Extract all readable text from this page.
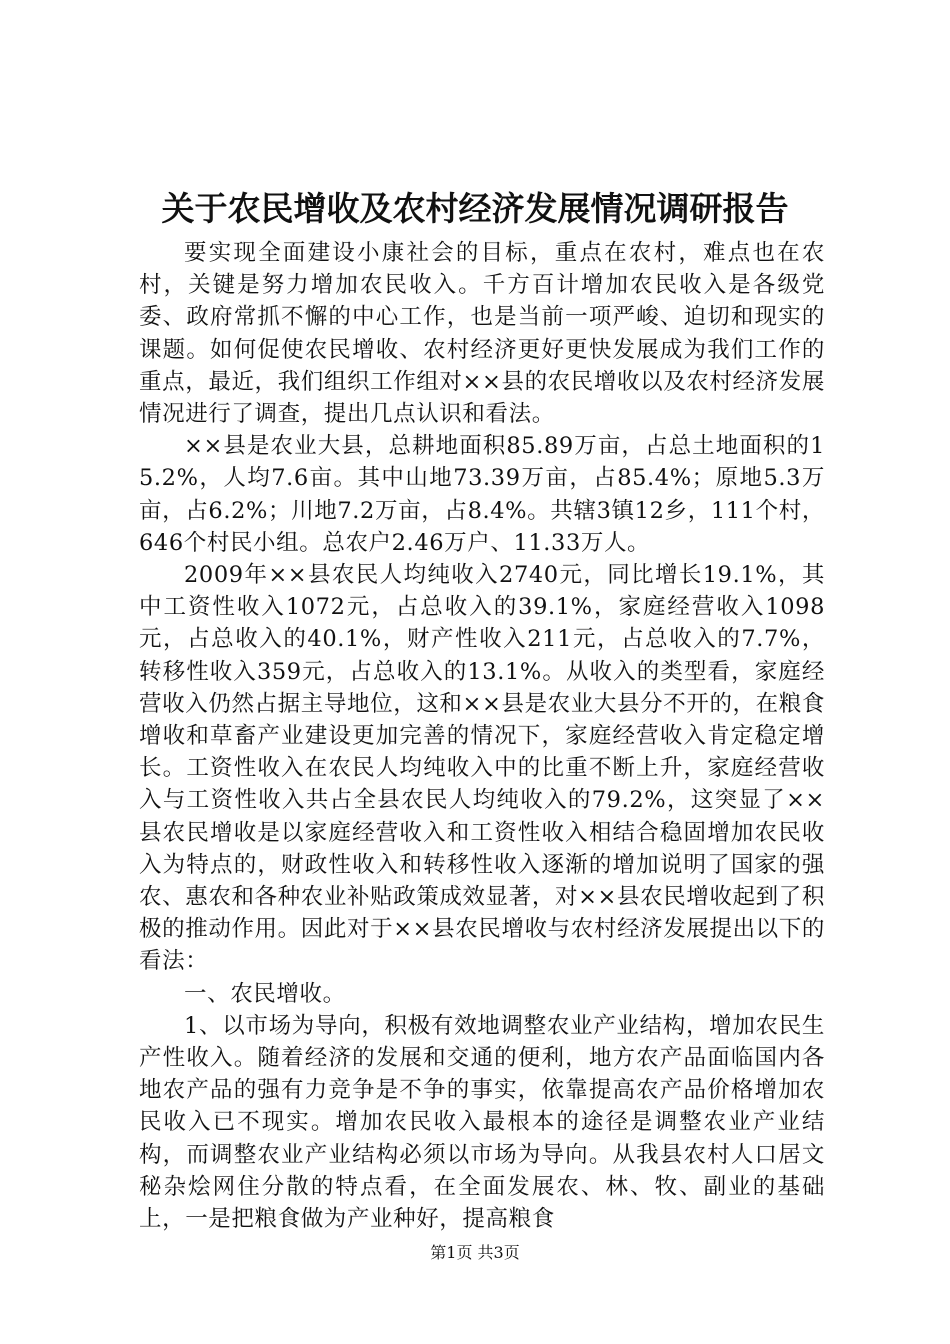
关于农民增收及农村经济发展情况调研报告

要实现全面建设小康社会的目标，重点在农村，难点也在农村，关键是努力增加农民收入。千方百计增加农民收入是各级党委、政府常抓不懈的中心工作，也是当前一项严峻、迫切和现实的课题。如何促使农民增收、农村经济更好更快发展成为我们工作的重点，最近，我们组织工作组对××县的农民增收以及农村经济发展情况进行了调查，提出几点认识和看法。

××县是农业大县，总耕地面积85.89万亩，占总土地面积的15.2%，人均7.6亩。其中山地73.39万亩，占85.4%；原地5.3万亩，占6.2%；川地7.2万亩，占8.4%。共辖3镇12乡，111个村，646个村民小组。总农户2.46万户、11.33万人。

2009年××县农民人均纯收入2740元，同比增长19.1%，其中工资性收入1072元，占总收入的39.1%，家庭经营收入1098元，占总收入的40.1%，财产性收入211元，占总收入的7.7%，转移性收入359元，占总收入的13.1%。从收入的类型看，家庭经营收入仍然占据主导地位，这和××县是农业大县分不开的，在粮食增收和草畜产业建设更加完善的情况下，家庭经营收入肯定稳定增长。工资性收入在农民人均纯收入中的比重不断上升，家庭经营收入与工资性收入共占全县农民人均纯收入的79.2%，这突显了××县农民增收是以家庭经营收入和工资性收入相结合稳固增加农民收入为特点的，财政性收入和转移性收入逐渐的增加说明了国家的强农、惠农和各种农业补贴政策成效显著，对××县农民增收起到了积极的推动作用。因此对于××县农民增收与农村经济发展提出以下的看法：

一、农民增收。

1、以市场为导向，积极有效地调整农业产业结构，增加农民生产性收入。随着经济的发展和交通的便利，地方农产品面临国内各地农产品的强有力竞争是不争的事实，依靠提高农产品价格增加农民收入已不现实。增加农民收入最根本的途径是调整农业产业结构，而调整农业产业结构必须以市场为导向。从我县农村人口居文秘杂烩网住分散的特点看，在全面发展农、林、牧、副业的基础上，一是把粮食做为产业种好，提高粮食

第1页 共3页
